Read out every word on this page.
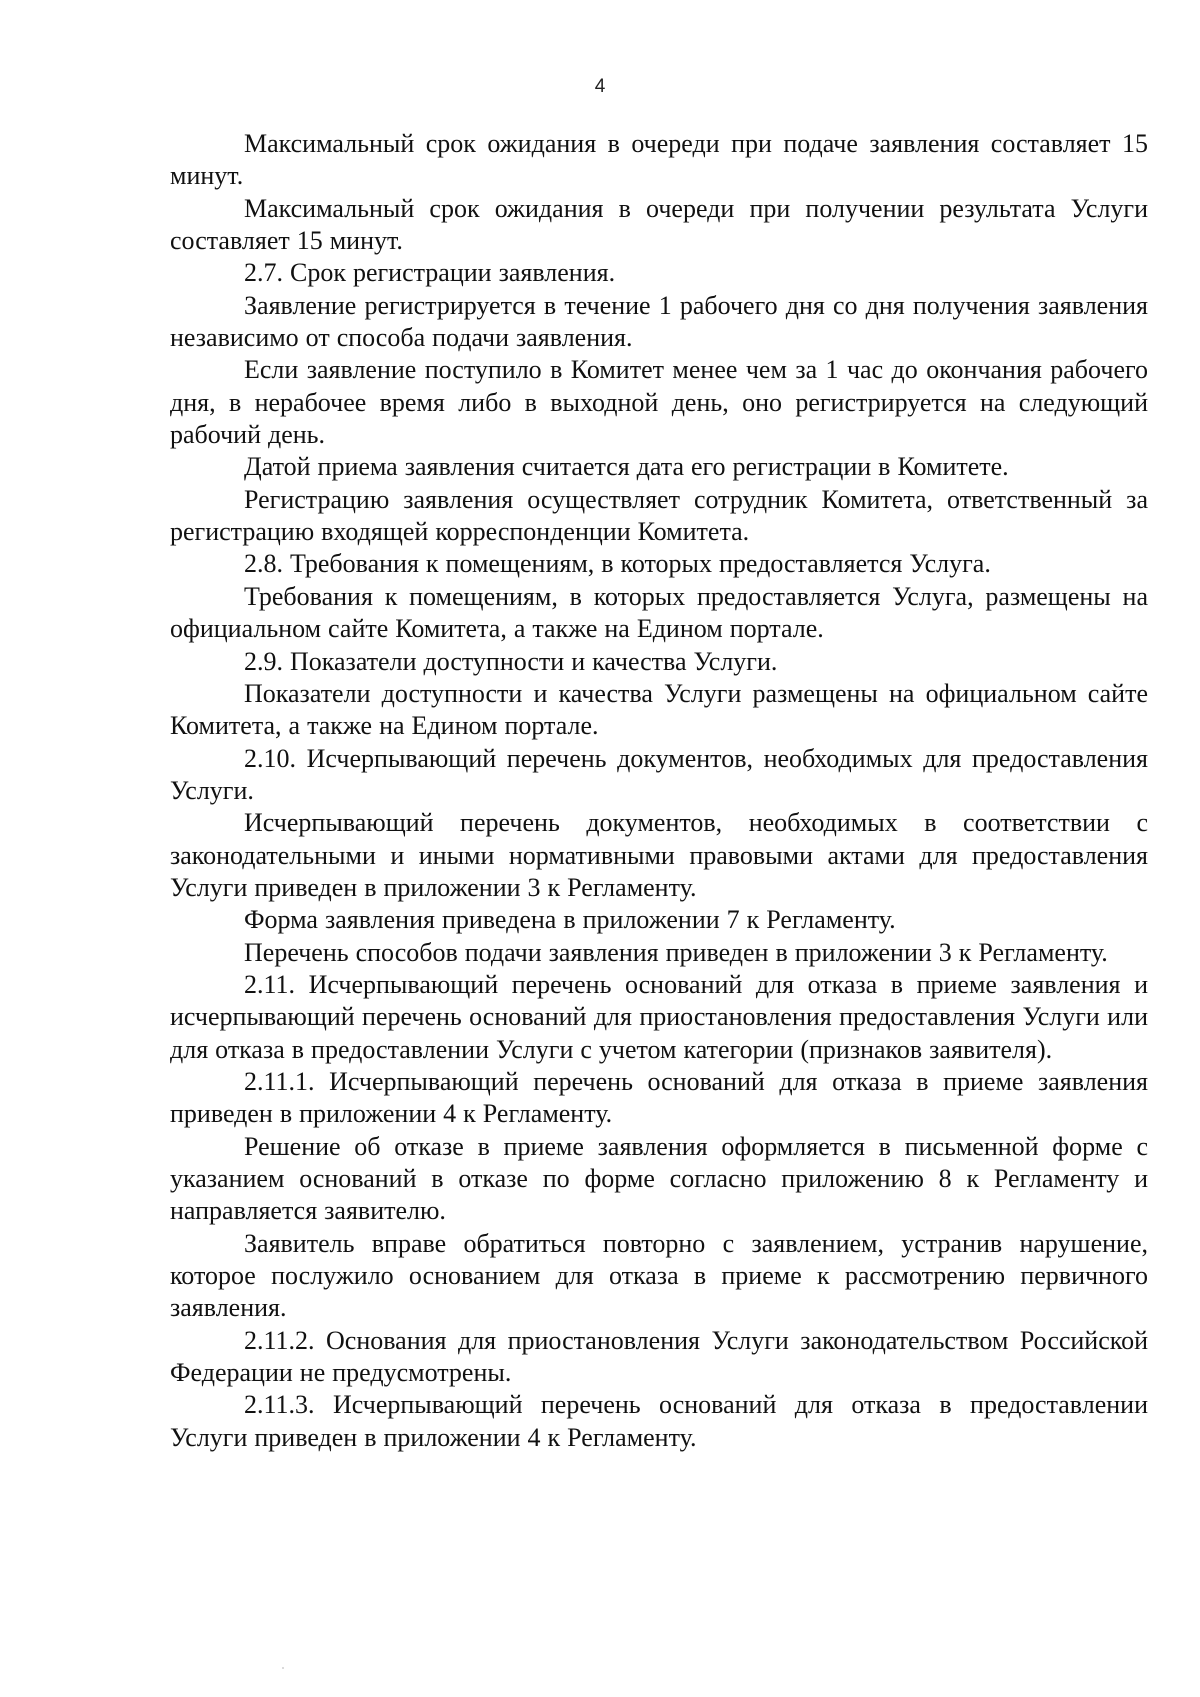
4

Максимальный срок ожидания в очереди при подаче заявления составляет 15 минут.

Максимальный срок ожидания в очереди при получении результата Услуги составляет 15 минут.

2.7. Срок регистрации заявления.

Заявление регистрируется в течение 1 рабочего дня со дня получения заявления независимо от способа подачи заявления.

Если заявление поступило в Комитет менее чем за 1 час до окончания рабочего дня, в нерабочее время либо в выходной день, оно регистрируется на следующий рабочий день.

Датой приема заявления считается дата его регистрации в Комитете.

Регистрацию заявления осуществляет сотрудник Комитета, ответственный за регистрацию входящей корреспонденции Комитета.

2.8. Требования к помещениям, в которых предоставляется Услуга.

Требования к помещениям, в которых предоставляется Услуга, размещены на официальном сайте Комитета, а также на Едином портале.

2.9. Показатели доступности и качества Услуги.

Показатели доступности и качества Услуги размещены на официальном сайте Комитета, а также на Едином портале.

2.10. Исчерпывающий перечень документов, необходимых для предоставления Услуги.

Исчерпывающий перечень документов, необходимых в соответствии с законодательными и иными нормативными правовыми актами для предоставления Услуги приведен в приложении 3 к Регламенту.

Форма заявления приведена в приложении 7 к Регламенту.

Перечень способов подачи заявления приведен в приложении 3 к Регламенту.

2.11. Исчерпывающий перечень оснований для отказа в приеме заявления и исчерпывающий перечень оснований для приостановления предоставления Услуги или для отказа в предоставлении Услуги с учетом категории (признаков заявителя).

2.11.1. Исчерпывающий перечень оснований для отказа в приеме заявления приведен в приложении 4 к Регламенту.

Решение об отказе в приеме заявления оформляется в письменной форме с указанием оснований в отказе по форме согласно приложению 8 к Регламенту и направляется заявителю.

Заявитель вправе обратиться повторно с заявлением, устранив нарушение, которое послужило основанием для отказа в приеме к рассмотрению первичного заявления.

2.11.2. Основания для приостановления Услуги законодательством Российской Федерации не предусмотрены.

2.11.3. Исчерпывающий перечень оснований для отказа в предоставлении Услуги приведен в приложении 4 к Регламенту.
